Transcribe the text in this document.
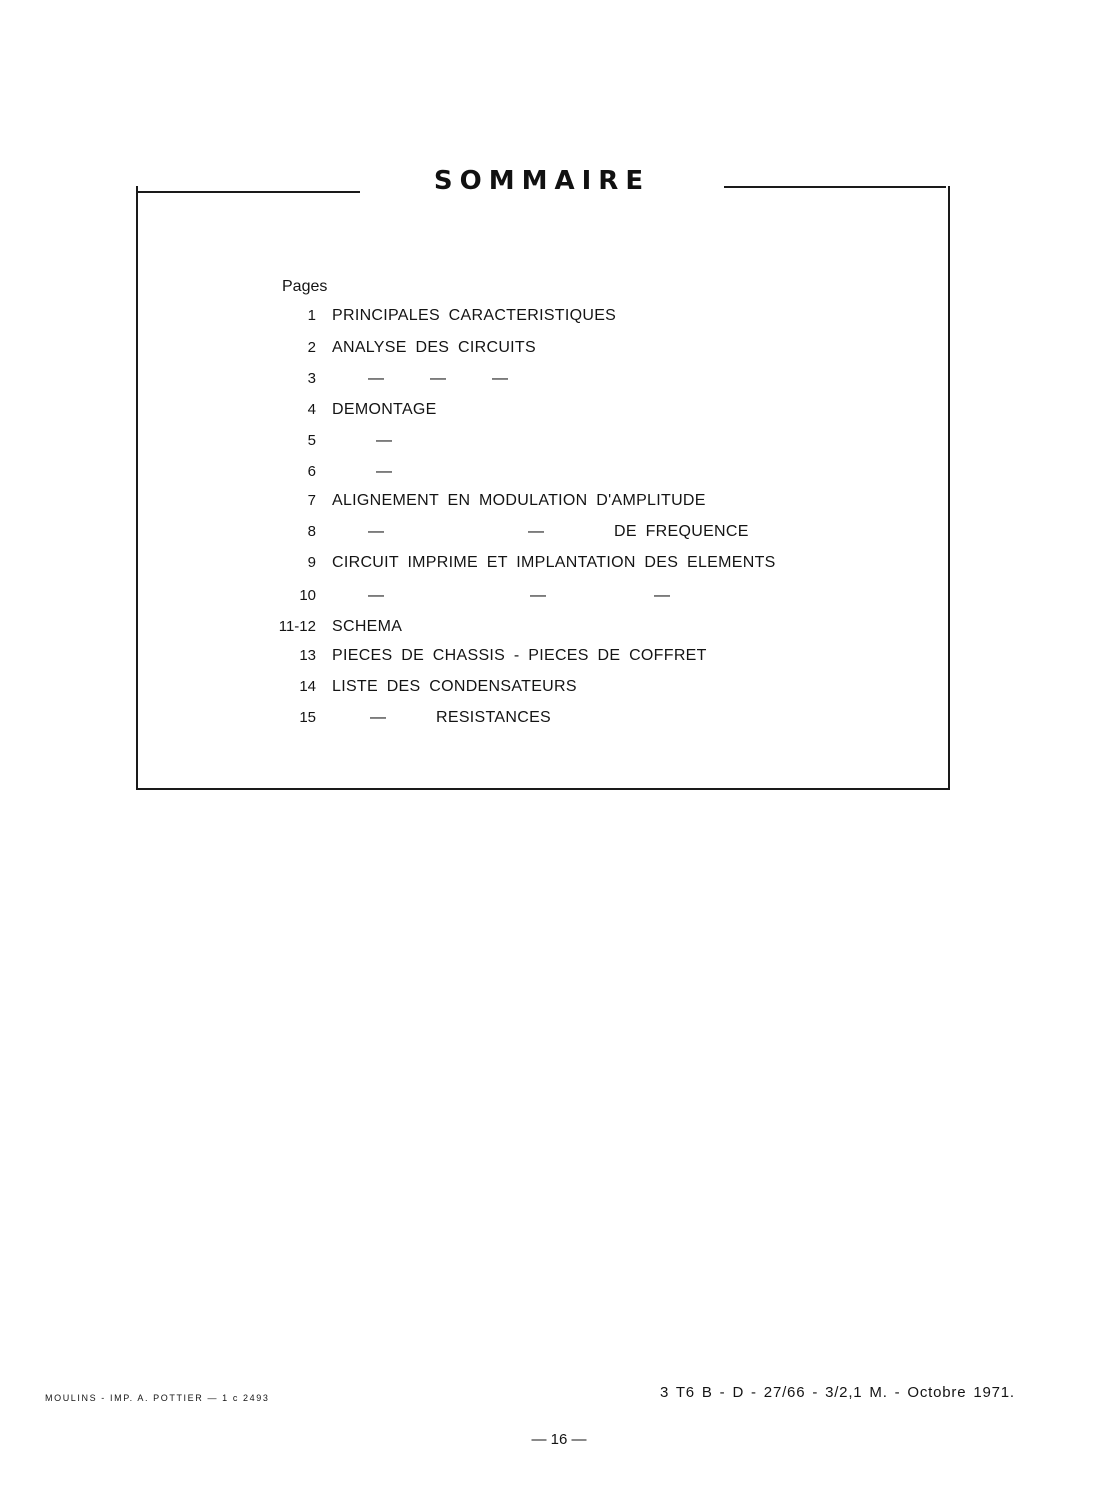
SOMMAIRE
Pages
1 PRINCIPALES CARACTERISTIQUES
2 ANALYSE DES CIRCUITS
3	—	—	—
4 DEMONTAGE
5	—
6	—
7 ALIGNEMENT EN MODULATION D'AMPLITUDE
8	—	—	DE FREQUENCE
9 CIRCUIT IMPRIME ET IMPLANTATION DES ELEMENTS
10	—	—	—
11-12 SCHEMA
13 PIECES DE CHASSIS - PIECES DE COFFRET
14 LISTE DES CONDENSATEURS
15	—	RESISTANCES
MOULINS - IMP. A. POTTIER — 1 c 2493	3 T6 B - D - 27/66 - 3/2,1 M. - Octobre 1971.
— 16 —
